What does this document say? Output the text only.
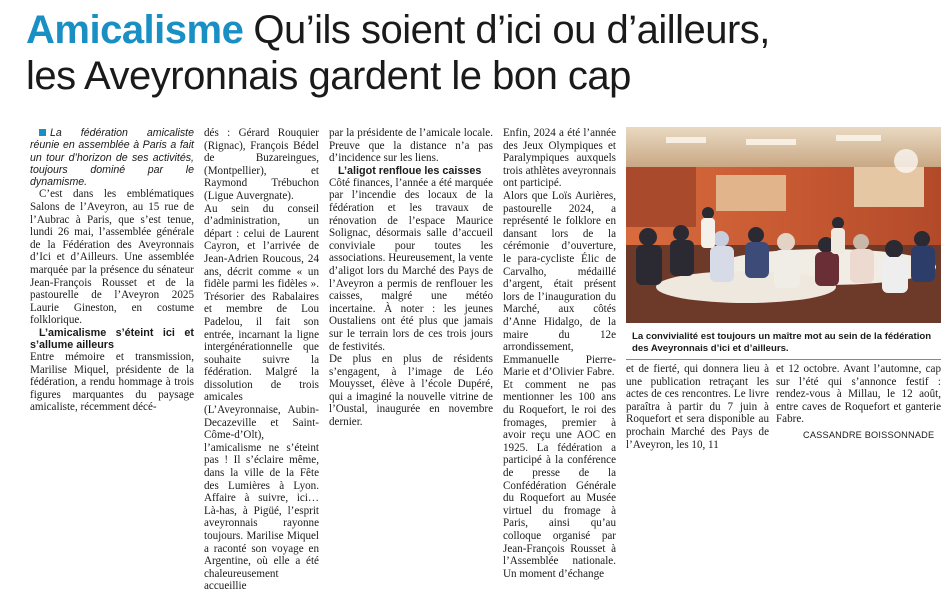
Amicalisme Qu’ils soient d’ici ou d’ailleurs,
les Aveyronnais gardent le bon cap

La fédération amicaliste réunie en assemblée à Paris a fait un tour d’horizon de ses activités, toujours dominé par le dynamisme.

C’est dans les emblématiques Salons de l’Aveyron, au 15 rue de l’Aubrac à Paris, que s’est tenue, lundi 26 mai, l’assemblée générale de la Fédération des Aveyronnais d’Ici et d’Ailleurs. Une assemblée marquée par la présence du sénateur Jean-François Rousset et de la pastourelle de l’Aveyron 2025 Laurie Gineston, en costume folklorique.

L’amicalisme s’éteint ici et s’allume ailleurs

Entre mémoire et transmission, Marilise Miquel, présidente de la fédération, a rendu hommage à trois figures marquantes du paysage amicaliste, récemment décé-

dés : Gérard Rouquier (Rignac), François Bédel de Buzareingues, (Montpellier), et Raymond Trébuchon (Ligue Auvergnate).

Au sein du conseil d’administration, un départ : celui de Laurent Cayron, et l’arrivée de Jean-Adrien Roucous, 24 ans, décrit comme « un fidèle parmi les fidèles ». Trésorier des Rabalaires et membre de Lou Padelou, il fait son entrée, incarnant la ligne intergénérationnelle que souhaite suivre la fédération. Malgré la dissolution de trois amicales (L’Aveyronnaise, Aubin-Decazeville et Saint-Côme-d’Olt), l’amicalisme ne s’éteint pas ! Il s’éclaire même, dans la ville de la Fête des Lumières à Lyon. Affaire à suivre, ici… Là-has, à Pigüé, l’esprit aveyronnais rayonne toujours. Marilise Miquel a raconté son voyage en Argentine, où elle a été chaleureusement accueillie

par la présidente de l’amicale locale. Preuve que la distance n’a pas d’incidence sur les liens.

L’aligot renfloue les caisses

Côté finances, l’année a été marquée par l’incendie des locaux de la fédération et les travaux de rénovation de l’espace Maurice Solignac, désormais salle d’accueil conviviale pour toutes les associations. Heureusement, la vente d’aligot lors du Marché des Pays de l’Aveyron a permis de renflouer les caisses, malgré une météo incertaine. À noter : les jeunes Oustaliens ont été plus que jamais sur le terrain lors de ces trois jours de festivités.

De plus en plus de résidents s’engagent, à l’image de Léo Mouysset, élève à l’école Dupéré, qui a imaginé la nouvelle vitrine de l’Oustal, inaugurée en novembre dernier.

Enfin, 2024 a été l’année des Jeux Olympiques et Paralympiques auxquels trois athlètes aveyronnais ont participé.

Alors que Loïs Aurières, pastourelle 2024, a représenté le folklore en dansant lors de la cérémonie d’ouverture, le para-cycliste Élic de Carvalho, médaillé d’argent, était présent lors de l’inauguration du Marché, aux côtés d’Anne Hidalgo, de la maire du 12e arrondissement, Emmanuelle Pierre-Marie et d’Olivier Fabre.

Et comment ne pas mentionner les 100 ans du Roquefort, le roi des fromages, premier à avoir reçu une AOC en 1925. La fédération a participé à la conférence de presse de la Confédération Générale du Roquefort au Musée virtuel du fromage à Paris, ainsi qu’au colloque organisé par Jean-François Rousset à l’Assemblée nationale. Un moment d’échange

La convivialité est toujours un maître mot au sein de la fédération des Aveyronnais d’ici et d’ailleurs.

et de fierté, qui donnera lieu à une publication retraçant les actes de ces rencontres. Le livre paraîtra à partir du 7 juin à Roquefort et sera disponible au prochain Marché des Pays de l’Aveyron, les 10, 11

et 12 octobre. Avant l’automne, cap sur l’été qui s’annonce festif : rendez-vous à Millau, le 12 août, entre caves de Roquefort et ganterie Fabre.

CASSANDRE BOISSONNADE
